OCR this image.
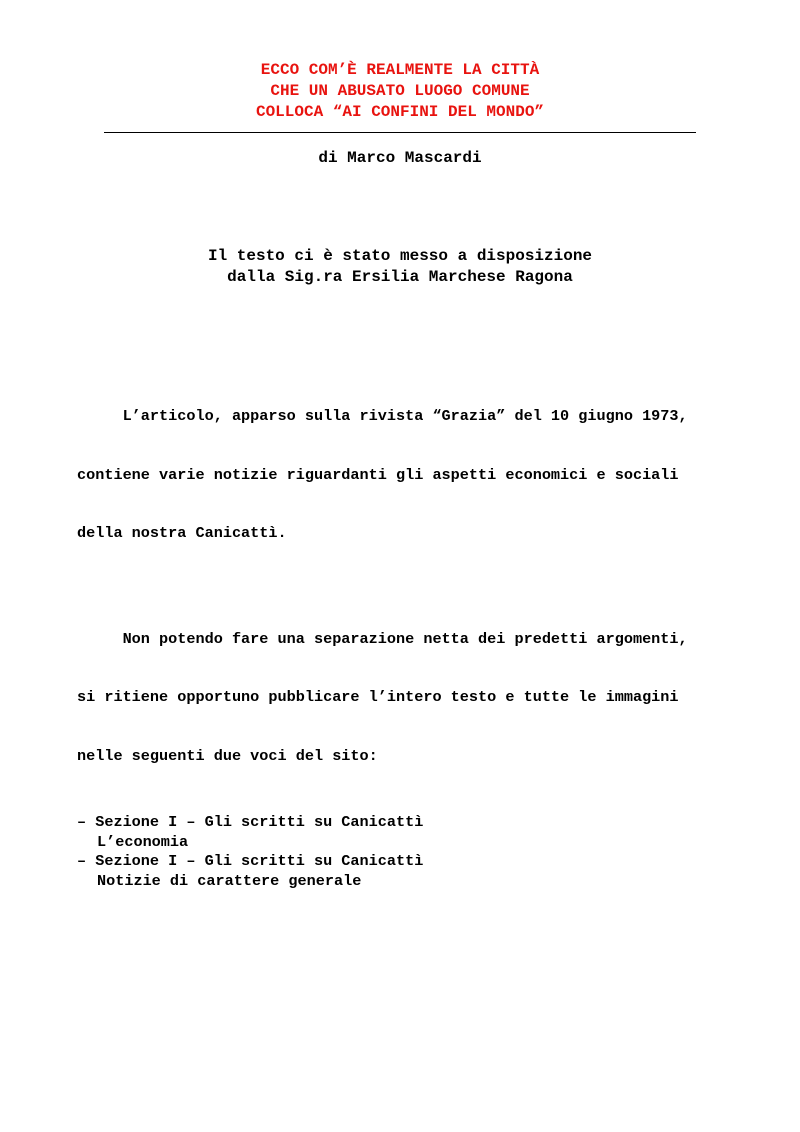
ECCO COM’È REALMENTE LA CITTÀ
CHE UN ABUSATO LUOGO COMUNE
COLLOCA “AI CONFINI DEL MONDO”
di Marco Mascardi
Il testo ci è stato messo a disposizione
dalla Sig.ra Ersilia Marchese Ragona

L’articolo, apparso sulla rivista “Grazia” del 10 giugno 1973,

contiene varie notizie riguardanti gli aspetti economici e sociali

della nostra Canicattì.

Non potendo fare una separazione netta dei predetti argomenti,

si ritiene opportuno pubblicare l’intero testo e tutte le immagini

nelle seguenti due voci del sito:

– Sezione I – Gli scritti su Canicattì
L’economia
– Sezione I – Gli scritti su Canicattì
Notizie di carattere generale
